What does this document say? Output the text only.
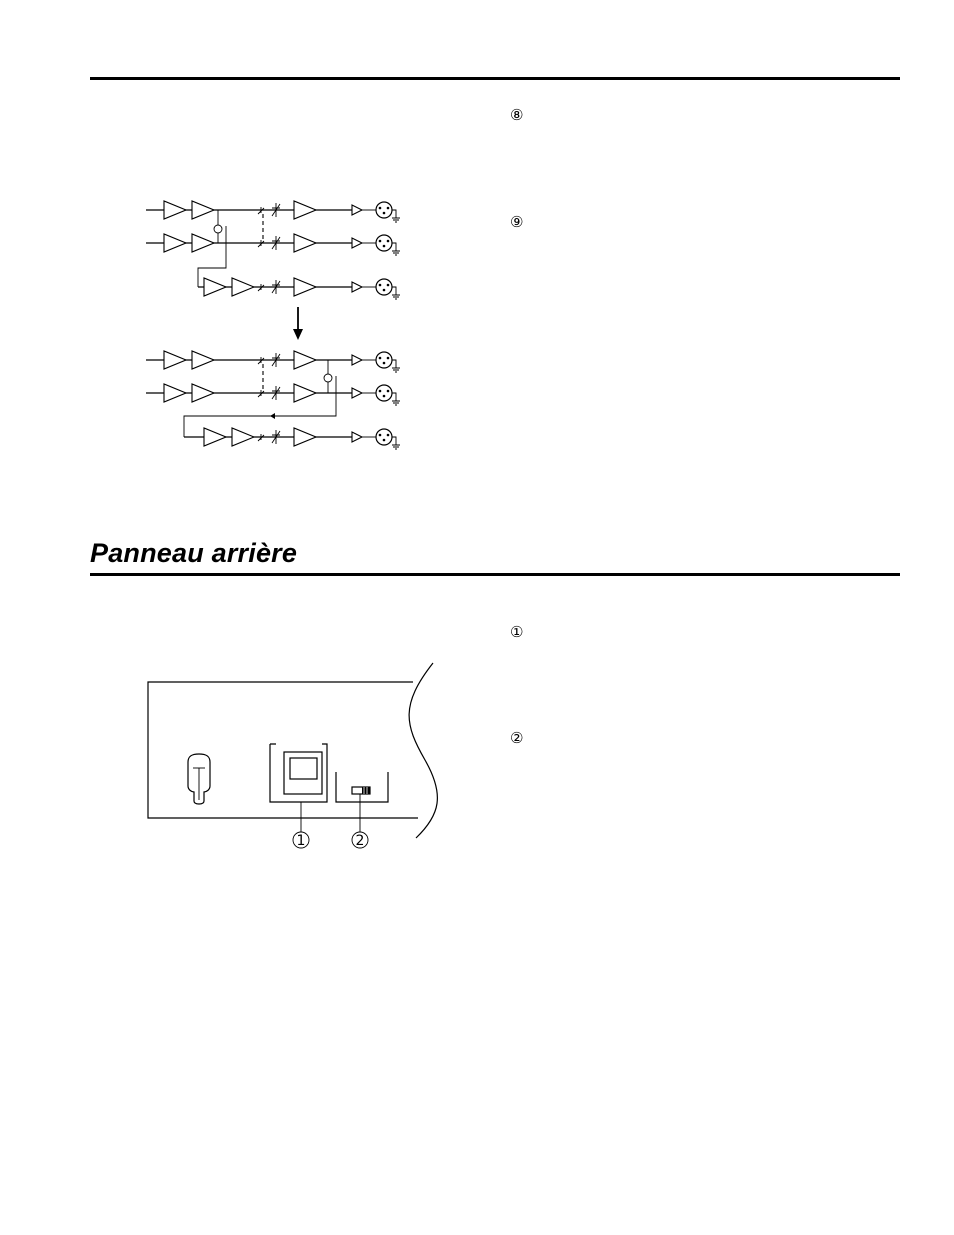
⑧
⑨
Panneau arrière
①
②
1	2
